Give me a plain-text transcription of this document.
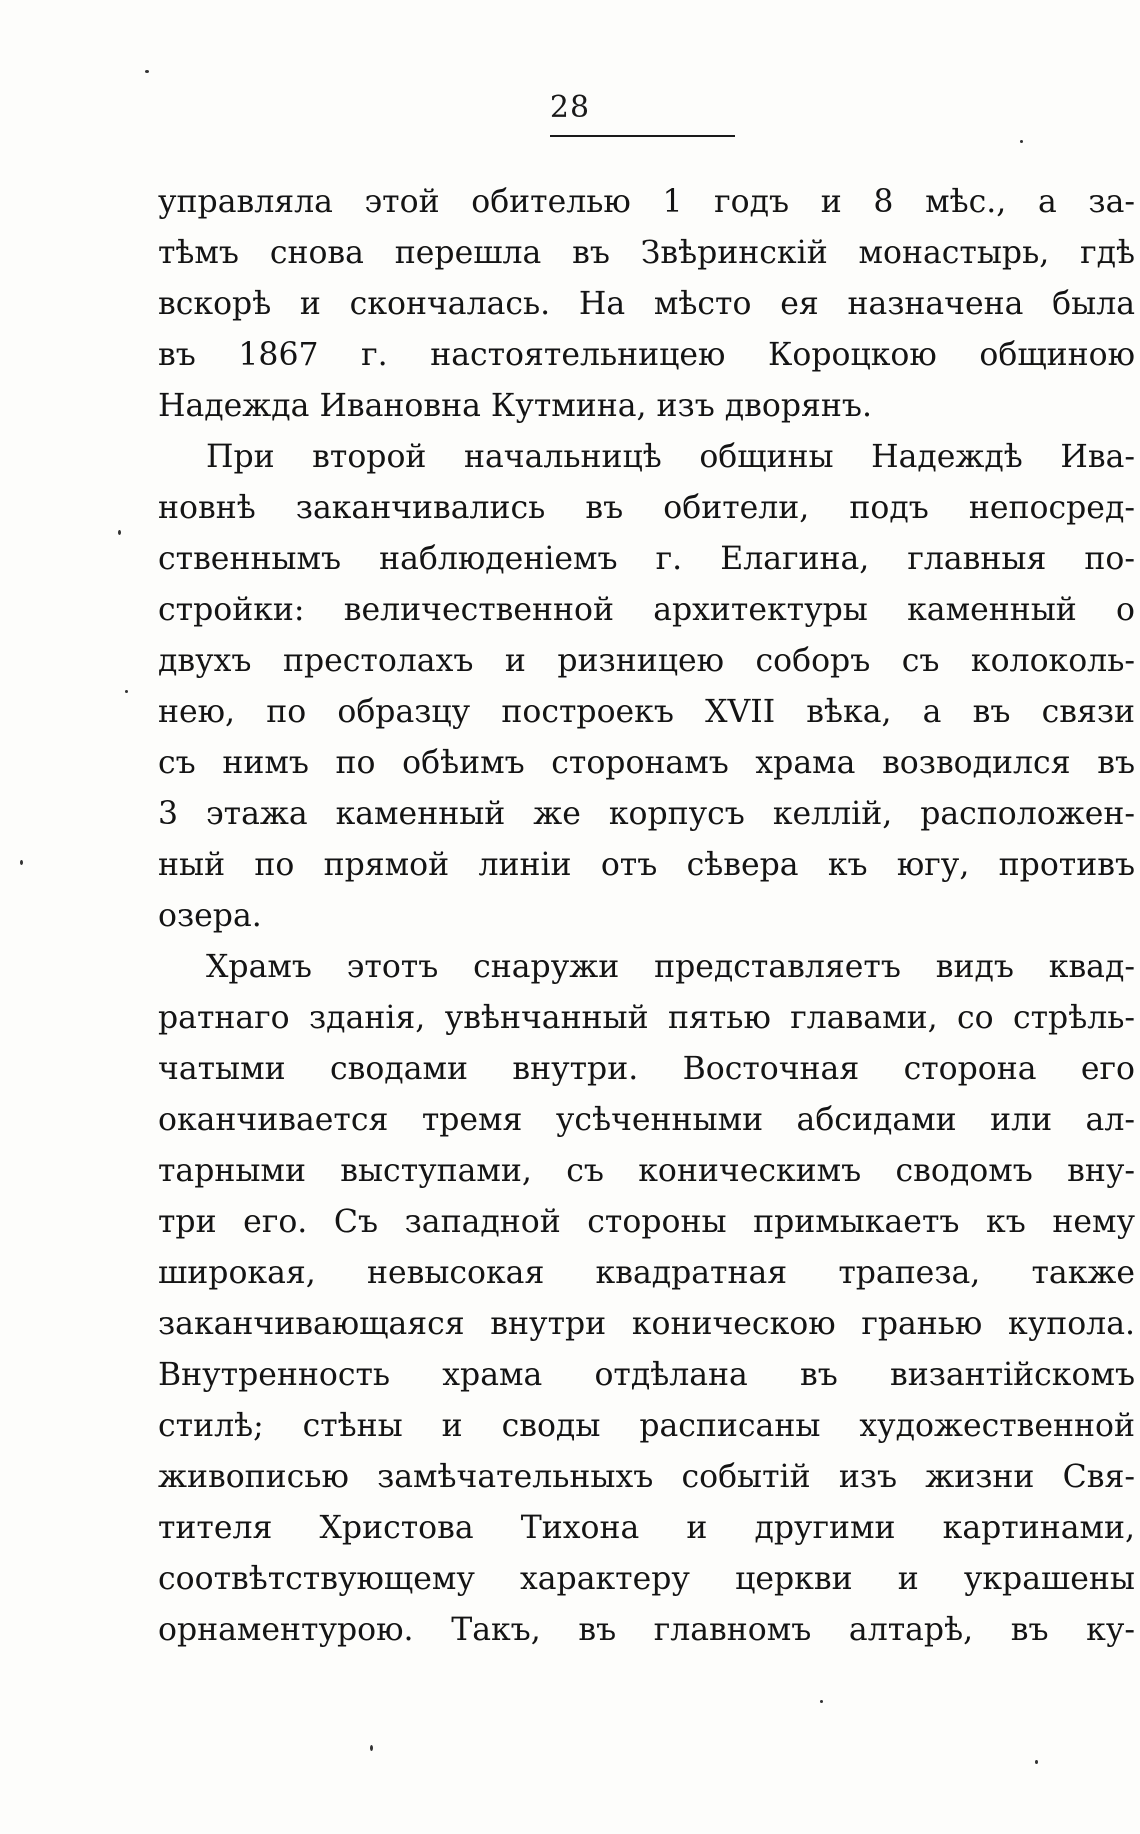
28
управляла этой обителью 1 годъ и 8 мѣс., а за-
тѣмъ снова перешла въ Звѣринскій монастырь, гдѣ
вскорѣ и скончалась. На мѣсто ея назначена была
въ 1867 г. настоятельницею Короцкою общиною
Надежда Ивановна Кутмина, изъ дворянъ.
При второй начальницѣ общины Надеждѣ Ива-
новнѣ заканчивались въ обители, подъ непосред-
ственнымъ наблюденіемъ г. Елагина, главныя по-
стройки: величественной архитектуры каменный о
двухъ престолахъ и ризницею соборъ съ колоколь-
нею, по образцу построекъ XVII вѣка, а въ связи
съ нимъ по обѣимъ сторонамъ храма возводился въ
3 этажа каменный же корпусъ келлій, расположен-
ный по прямой линіи отъ сѣвера къ югу, противъ
озера.
Храмъ этотъ снаружи представляетъ видъ квад-
ратнаго зданія, увѣнчанный пятью главами, со стрѣль-
чатыми сводами внутри. Восточная сторона его
оканчивается тремя усѣченными абсидами или ал-
тарными выступами, съ коническимъ сводомъ вну-
три его. Съ западной стороны примыкаетъ къ нему
широкая, невысокая квадратная трапеза, также
заканчивающаяся внутри коническою гранью купола.
Внутренность храма отдѣлана въ византійскомъ
стилѣ; стѣны и своды расписаны художественной
живописью замѣчательныхъ событій изъ жизни Свя-
тителя Христова Тихона и другими картинами,
соотвѣтствующему характеру церкви и украшены
орнаментурою. Такъ, въ главномъ алтарѣ, въ ку-
